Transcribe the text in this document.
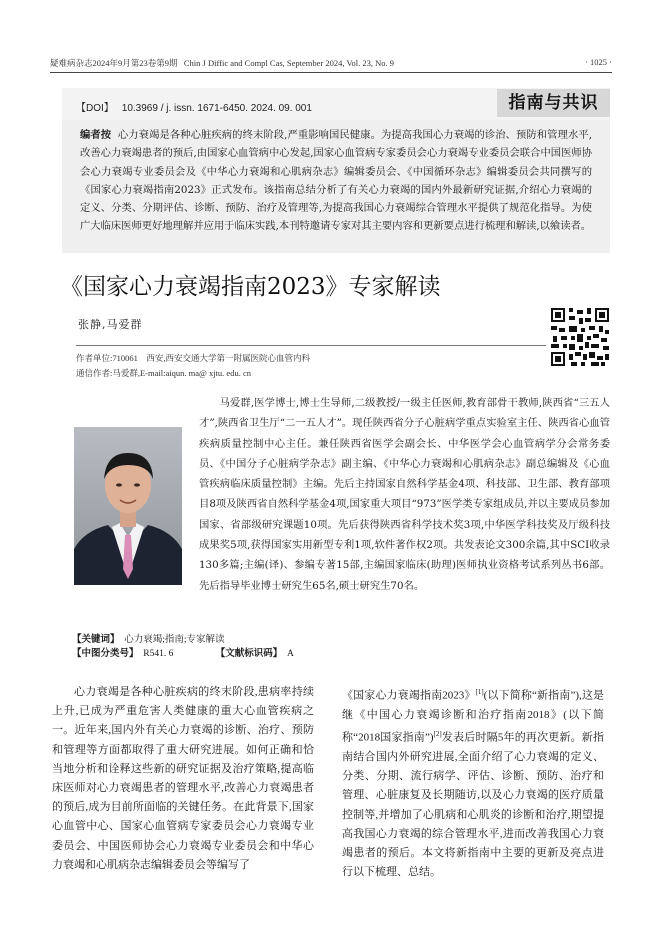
疑难病杂志2024年9月第23卷第9期 Chin J Diffic and Compl Cas, September 2024, Vol. 23, No. 9	· 1025 ·
【DOI】 10.3969 / j. issn. 1671-6450. 2024. 09. 001	指南与共识
编者按 心力衰竭是各种心脏疾病的终末阶段,严重影响国民健康。为提高我国心力衰竭的诊治、预防和管理水平,改善心力衰竭患者的预后,由国家心血管病中心发起,国家心血管病专家委员会心力衰竭专业委员会联合中国医师协会心力衰竭专业委员会及《中华心力衰竭和心肌病杂志》编辑委员会、《中国循环杂志》编辑委员会共同撰写的《国家心力衰竭指南2023》正式发布。该指南总结分析了有关心力衰竭的国内外最新研究证据,介绍心力衰竭的定义、分类、分期评估、诊断、预防、治疗及管理等,为提高我国心力衰竭综合管理水平提供了规范化指导。为使广大临床医师更好地理解并应用于临床实践,本刊特邀请专家对其主要内容和更新要点进行梳理和解读,以飨读者。
《国家心力衰竭指南2023》专家解读
张静,马爱群
作者单位:710061　西安,西安交通大学第一附属医院心血管内科
通信作者:马爱群,E-mail:aiqun. ma@ xjtu. edu. cn
马爱群,医学博士,博士生导师,二级教授/一级主任医师,教育部骨干教师,陕西省“三五人才”,陕西省卫生厅“二一五人才”。现任陕西省分子心脏病学重点实验室主任、陕西省心血管疾病质量控制中心主任。兼任陕西省医学会副会长、中华医学会心血管病学分会常务委员、《中国分子心脏病学杂志》副主编、《中华心力衰竭和心肌病杂志》副总编辑及《心血管疾病临床质量控制》主编。先后主持国家自然科学基金4项、科技部、卫生部、教育部项目8项及陕西省自然科学基金4项,国家重大项目“973”医学类专家组成员,并以主要成员参加国家、省部级研究课题10项。先后获得陕西省科学技术奖3项,中华医学科技奖及厅级科技成果奖5项,获得国家实用新型专利1项,软件著作权2项。共发表论文300余篇,其中SCI收录130多篇;主编(译)、参编专著15部,主编国家临床(助理)医师执业资格考试系列丛书6部。先后指导毕业博士研究生65名,硕士研究生70名。
【关键词】 心力衰竭;指南;专家解读
【中图分类号】 R541. 6	【文献标识码】 A

心力衰竭是各种心脏疾病的终末阶段,患病率持续上升,已成为严重危害人类健康的重大心血管疾病之一。近年来,国内外有关心力衰竭的诊断、治疗、预防和管理等方面都取得了重大研究进展。如何正确和恰当地分析和诠释这些新的研究证据及治疗策略,提高临床医师对心力衰竭患者的管理水平,改善心力衰竭患者的预后,成为目前所面临的关键任务。在此背景下,国家心血管中心、国家心血管病专家委员会心力衰竭专业委员会、中国医师协会心力衰竭专业委员会和中华心力衰竭和心肌病杂志编辑委员会等编写了

《国家心力衰竭指南2023》[1](以下简称“新指南”),这是继《中国心力衰竭诊断和治疗指南2018》(以下简称“2018国家指南”)[2]发表后时隔5年的再次更新。新指南结合国内外研究进展,全面介绍了心力衰竭的定义、分类、分期、流行病学、评估、诊断、预防、治疗和管理、心脏康复及长期随访,以及心力衰竭的医疗质量控制等,并增加了心肌病和心肌炎的诊断和治疗,期望提高我国心力衰竭的综合管理水平,进而改善我国心力衰竭患者的预后。本文将新指南中主要的更新及亮点进行以下梳理、总结。
